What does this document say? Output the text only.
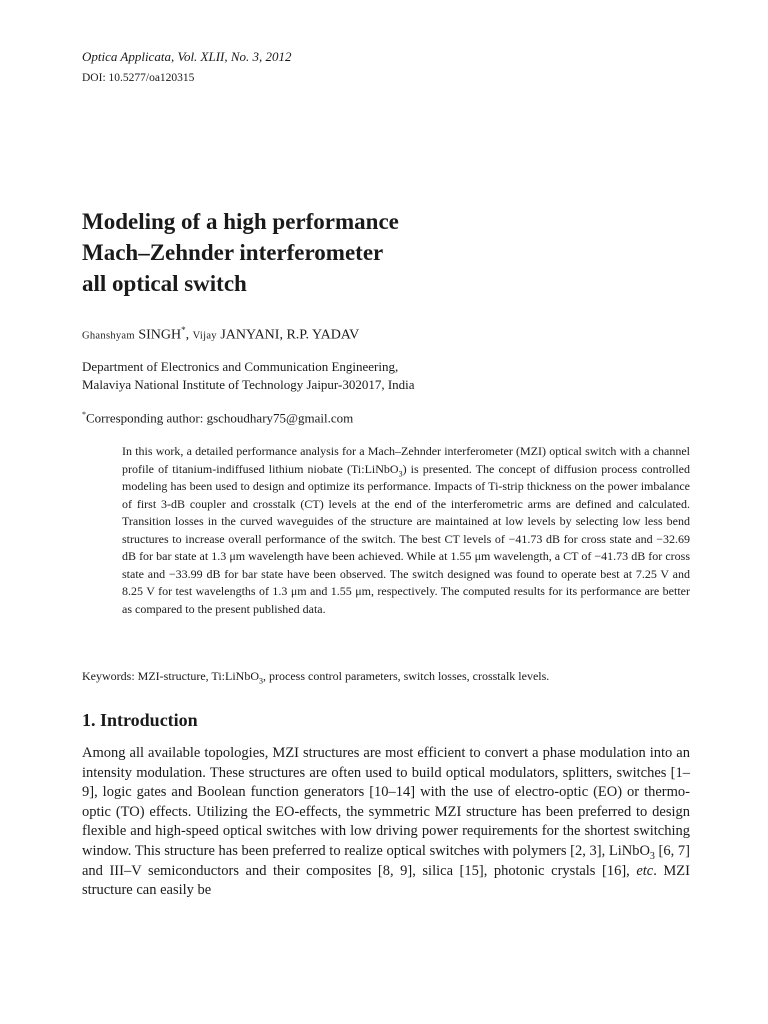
Optica Applicata, Vol. XLII, No. 3, 2012
DOI: 10.5277/oa120315
Modeling of a high performance
Mach–Zehnder interferometer
all optical switch
Ghanshyam SINGH*, Vijay JANYANI, R.P. YADAV
Department of Electronics and Communication Engineering,
Malaviya National Institute of Technology Jaipur-302017, India
*Corresponding author: gschoudhary75@gmail.com

In this work, a detailed performance analysis for a Mach–Zehnder interferometer (MZI) optical switch with a channel profile of titanium-indiffused lithium niobate (Ti:LiNbO$_3$) is presented. The concept of diffusion process controlled modeling has been used to design and optimize its performance. Impacts of Ti-strip thickness on the power imbalance of first 3-dB coupler and crosstalk (CT) levels at the end of the interferometric arms are defined and calculated. Transition losses in the curved waveguides of the structure are maintained at low levels by selecting low less bend structures to increase overall performance of the switch. The best CT levels of −41.73 dB for cross state and −32.69 dB for bar state at 1.3 μm wavelength have been achieved. While at 1.55 μm wavelength, a CT of −41.73 dB for cross state and −33.99 dB for bar state have been observed. The switch designed was found to operate best at 7.25 V and 8.25 V for test wavelengths of 1.3 μm and 1.55 μm, respectively. The computed results for its performance are better as compared to the present published data.

Keywords: MZI-structure, Ti:LiNbO$_3$, process control parameters, switch losses, crosstalk levels.
1. Introduction

Among all available topologies, MZI structures are most efficient to convert a phase modulation into an intensity modulation. These structures are often used to build optical modulators, splitters, switches [1–9], logic gates and Boolean function generators [10–14] with the use of electro-optic (EO) or thermo-optic (TO) effects. Utilizing the EO-effects, the symmetric MZI structure has been preferred to design flexible and high-speed optical switches with low driving power requirements for the shortest switching window. This structure has been preferred to realize optical switches with polymers [2, 3], LiNbO$_3$ [6, 7] and III–V semiconductors and their composites [8, 9], silica [15], photonic crystals [16], etc. MZI structure can easily be
